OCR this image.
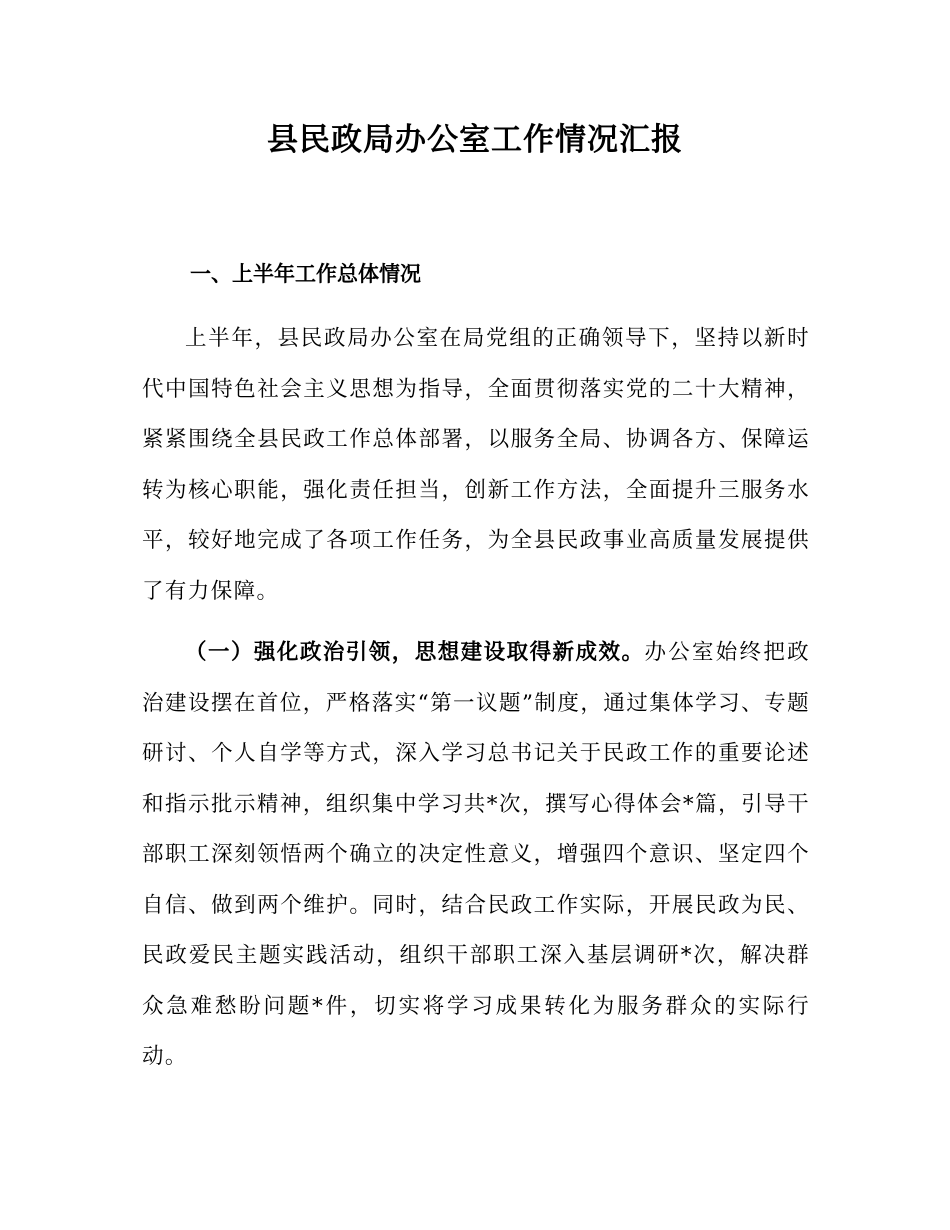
县民政局办公室工作情况汇报
一、上半年工作总体情况

上半年，县民政局办公室在局党组的正确领导下，坚持以新时代中国特色社会主义思想为指导，全面贯彻落实党的二十大精神，紧紧围绕全县民政工作总体部署，以服务全局、协调各方、保障运转为核心职能，强化责任担当，创新工作方法，全面提升三服务水平，较好地完成了各项工作任务，为全县民政事业高质量发展提供了有力保障。

（一）强化政治引领，思想建设取得新成效。办公室始终把政治建设摆在首位，严格落实“第一议题”制度，通过集体学习、专题研讨、个人自学等方式，深入学习总书记关于民政工作的重要论述和指示批示精神，组织集中学习共*次，撰写心得体会*篇，引导干部职工深刻领悟两个确立的决定性意义，增强四个意识、坚定四个自信、做到两个维护。同时，结合民政工作实际，开展民政为民、民政爱民主题实践活动，组织干部职工深入基层调研*次，解决群众急难愁盼问题*件，切实将学习成果转化为服务群众的实际行动。
